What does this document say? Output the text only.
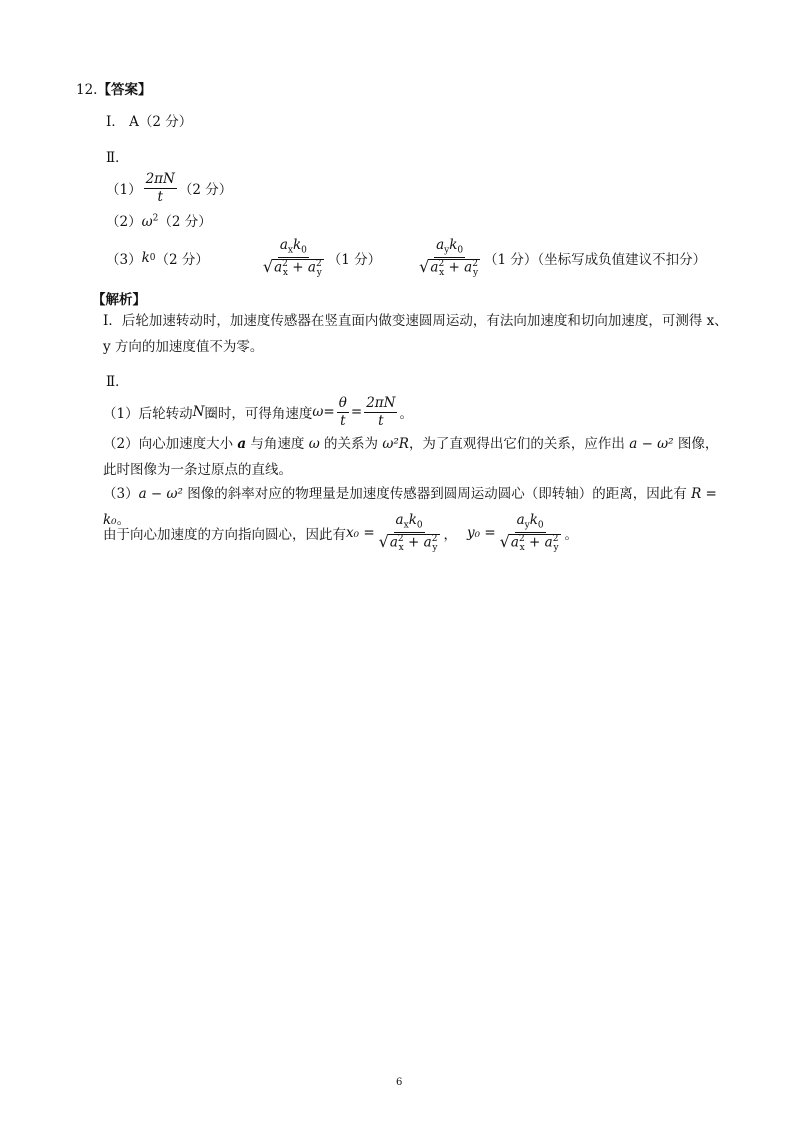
12.【答案】
Ⅰ． A（2 分）
Ⅱ．
$(1) \frac{2\pi N}{t} (2$ 分）
$(2)\omega^2(2$ 分）
（3） k 0 （2 分）	$\frac{a_xk_0}{√ a^2_x + a^2_y} (1$ 分）	$\frac{a_yk_0}{√ a^2_x + a^2_y} (1$ 分）（坐标写成负值建议不扣分）
【解析】
Ⅰ．后轮加速转动时，加速度传感器在竖直面内做变速圆周运动，有法向加速度和切向加速度，可测得 x、y 方向的加速度值不为零。
Ⅱ．
（1）后轮转动 N 圈时，可得角速度 $\omega = \frac{\theta}{t} = \frac{2\pi N}{t}$ 。
（2）向心加速度大小 a 与角速度 ω 的关系为 ω²R，为了直观得出它们的关系，应作出 a − ω² 图像，此时图像为一条过原点的直线。
（3）a − ω² 图像的斜率对应的物理量是加速度传感器到圆周运动圆心（即转轴）的距离，因此有 R = k₀。
由于向心加速度的方向指向圆心，因此有 $x_0 = \frac{a_xk_0}{√ a^2_x + a^2_y}$ ， $y_0 = \frac{a_yk_0}{√ a^2_x + a^2_y}$ 。
6
